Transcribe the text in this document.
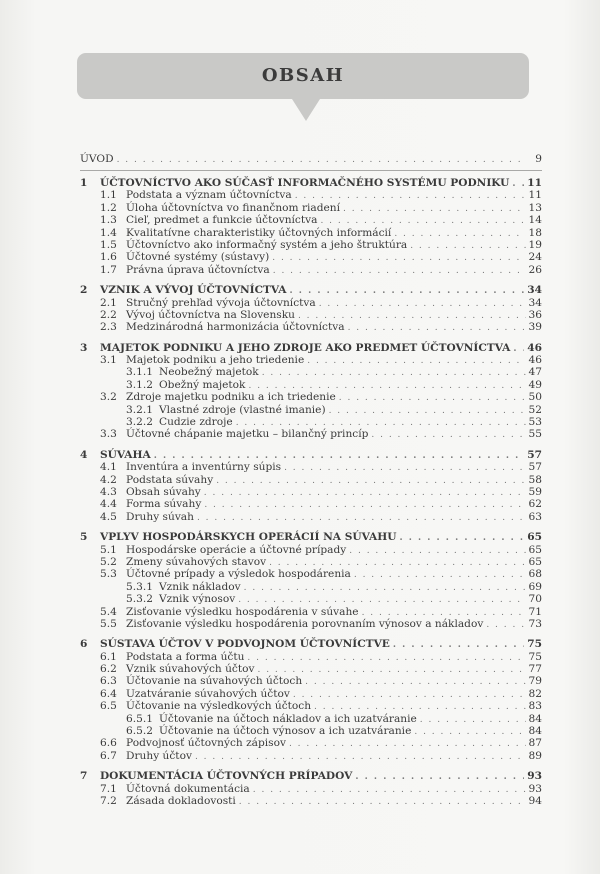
OBSAH
ÚVOD . . .	9
1	ÚČTOVNÍCTVO AKO SÚČASŤ INFORMAČNÉHO SYSTÉMU PODNIKU . . . 11
1.1 Podstata a význam účtovníctva . . .	11
1.2 Úloha účtovníctva vo finančnom riadení . . .	13
1.3 Cieľ, predmet a funkcie účtovníctva . . .	14
1.4 Kvalitatívne charakteristiky účtovných informácií . . .	18
1.5 Účtovníctvo ako informačný systém a jeho štruktúra . . .	19
1.6 Účtovné systémy (sústavy) . . .	24
1.7 Právna úprava účtovníctva . . .	26
2	VZNIK A VÝVOJ ÚČTOVNÍCTVA . . .	34
2.1 Stručný prehľad vývoja účtovníctva . . .	34
2.2 Vývoj účtovníctva na Slovensku . . .	36
2.3 Medzinárodná harmonizácia účtovníctva . . .	39
3	MAJETOK PODNIKU A JEHO ZDROJE AKO PREDMET ÚČTOVNÍCTVA . . . 46
3.1 Majetok podniku a jeho triedenie . . .	46
3.1.1 Neobežný majetok . . .	47
3.1.2 Obežný majetok . . .	49
3.2 Zdroje majetku podniku a ich triedenie . . .	50
3.2.1 Vlastné zdroje (vlastné imanie) . . .	52
3.2.2 Cudzie zdroje . . .	53
3.3 Účtovné chápanie majetku – bilančný princíp . . .	55
4	SÚVAHA . . .	57
4.1 Inventúra a inventúrny súpis . . .	57
4.2 Podstata súvahy . . .	58
4.3 Obsah súvahy . . .	59
4.4 Forma súvahy . . .	62
4.5 Druhy súvah . . .	63
5	VPLYV HOSPODÁRSKYCH OPERÁCIÍ NA SÚVAHU . . .	65
5.1 Hospodárske operácie a účtovné prípady . . .	65
5.2 Zmeny súvahových stavov . . .	65
5.3 Účtovné prípady a výsledok hospodárenia . . .	68
5.3.1 Vznik nákladov . . .	69
5.3.2 Vznik výnosov . . .	70
5.4 Zisťovanie výsledku hospodárenia v súvahe . . .	71
5.5 Zisťovanie výsledku hospodárenia porovnaním výnosov a nákladov . . .	73
6	SÚSTAVA ÚČTOV V PODVOJNOM ÚČTOVNÍCTVE . . .	75
6.1 Podstata a forma účtu . . .	75
6.2 Vznik súvahových účtov . . .	77
6.3 Účtovanie na súvahových účtoch . . .	79
6.4 Uzatváranie súvahových účtov . . .	82
6.5 Účtovanie na výsledkových účtoch . . .	83
6.5.1 Účtovanie na účtoch nákladov a ich uzatváranie . . .	84
6.5.2 Účtovanie na účtoch výnosov a ich uzatváranie . . .	84
6.6 Podvojnosť účtovných zápisov . . .	87
6.7 Druhy účtov . . .	89
7	DOKUMENTÁCIA ÚČTOVNÝCH PRÍPADOV . . .	93
7.1 Účtovná dokumentácia . . .	93
7.2 Zásada dokladovosti . . .	94
